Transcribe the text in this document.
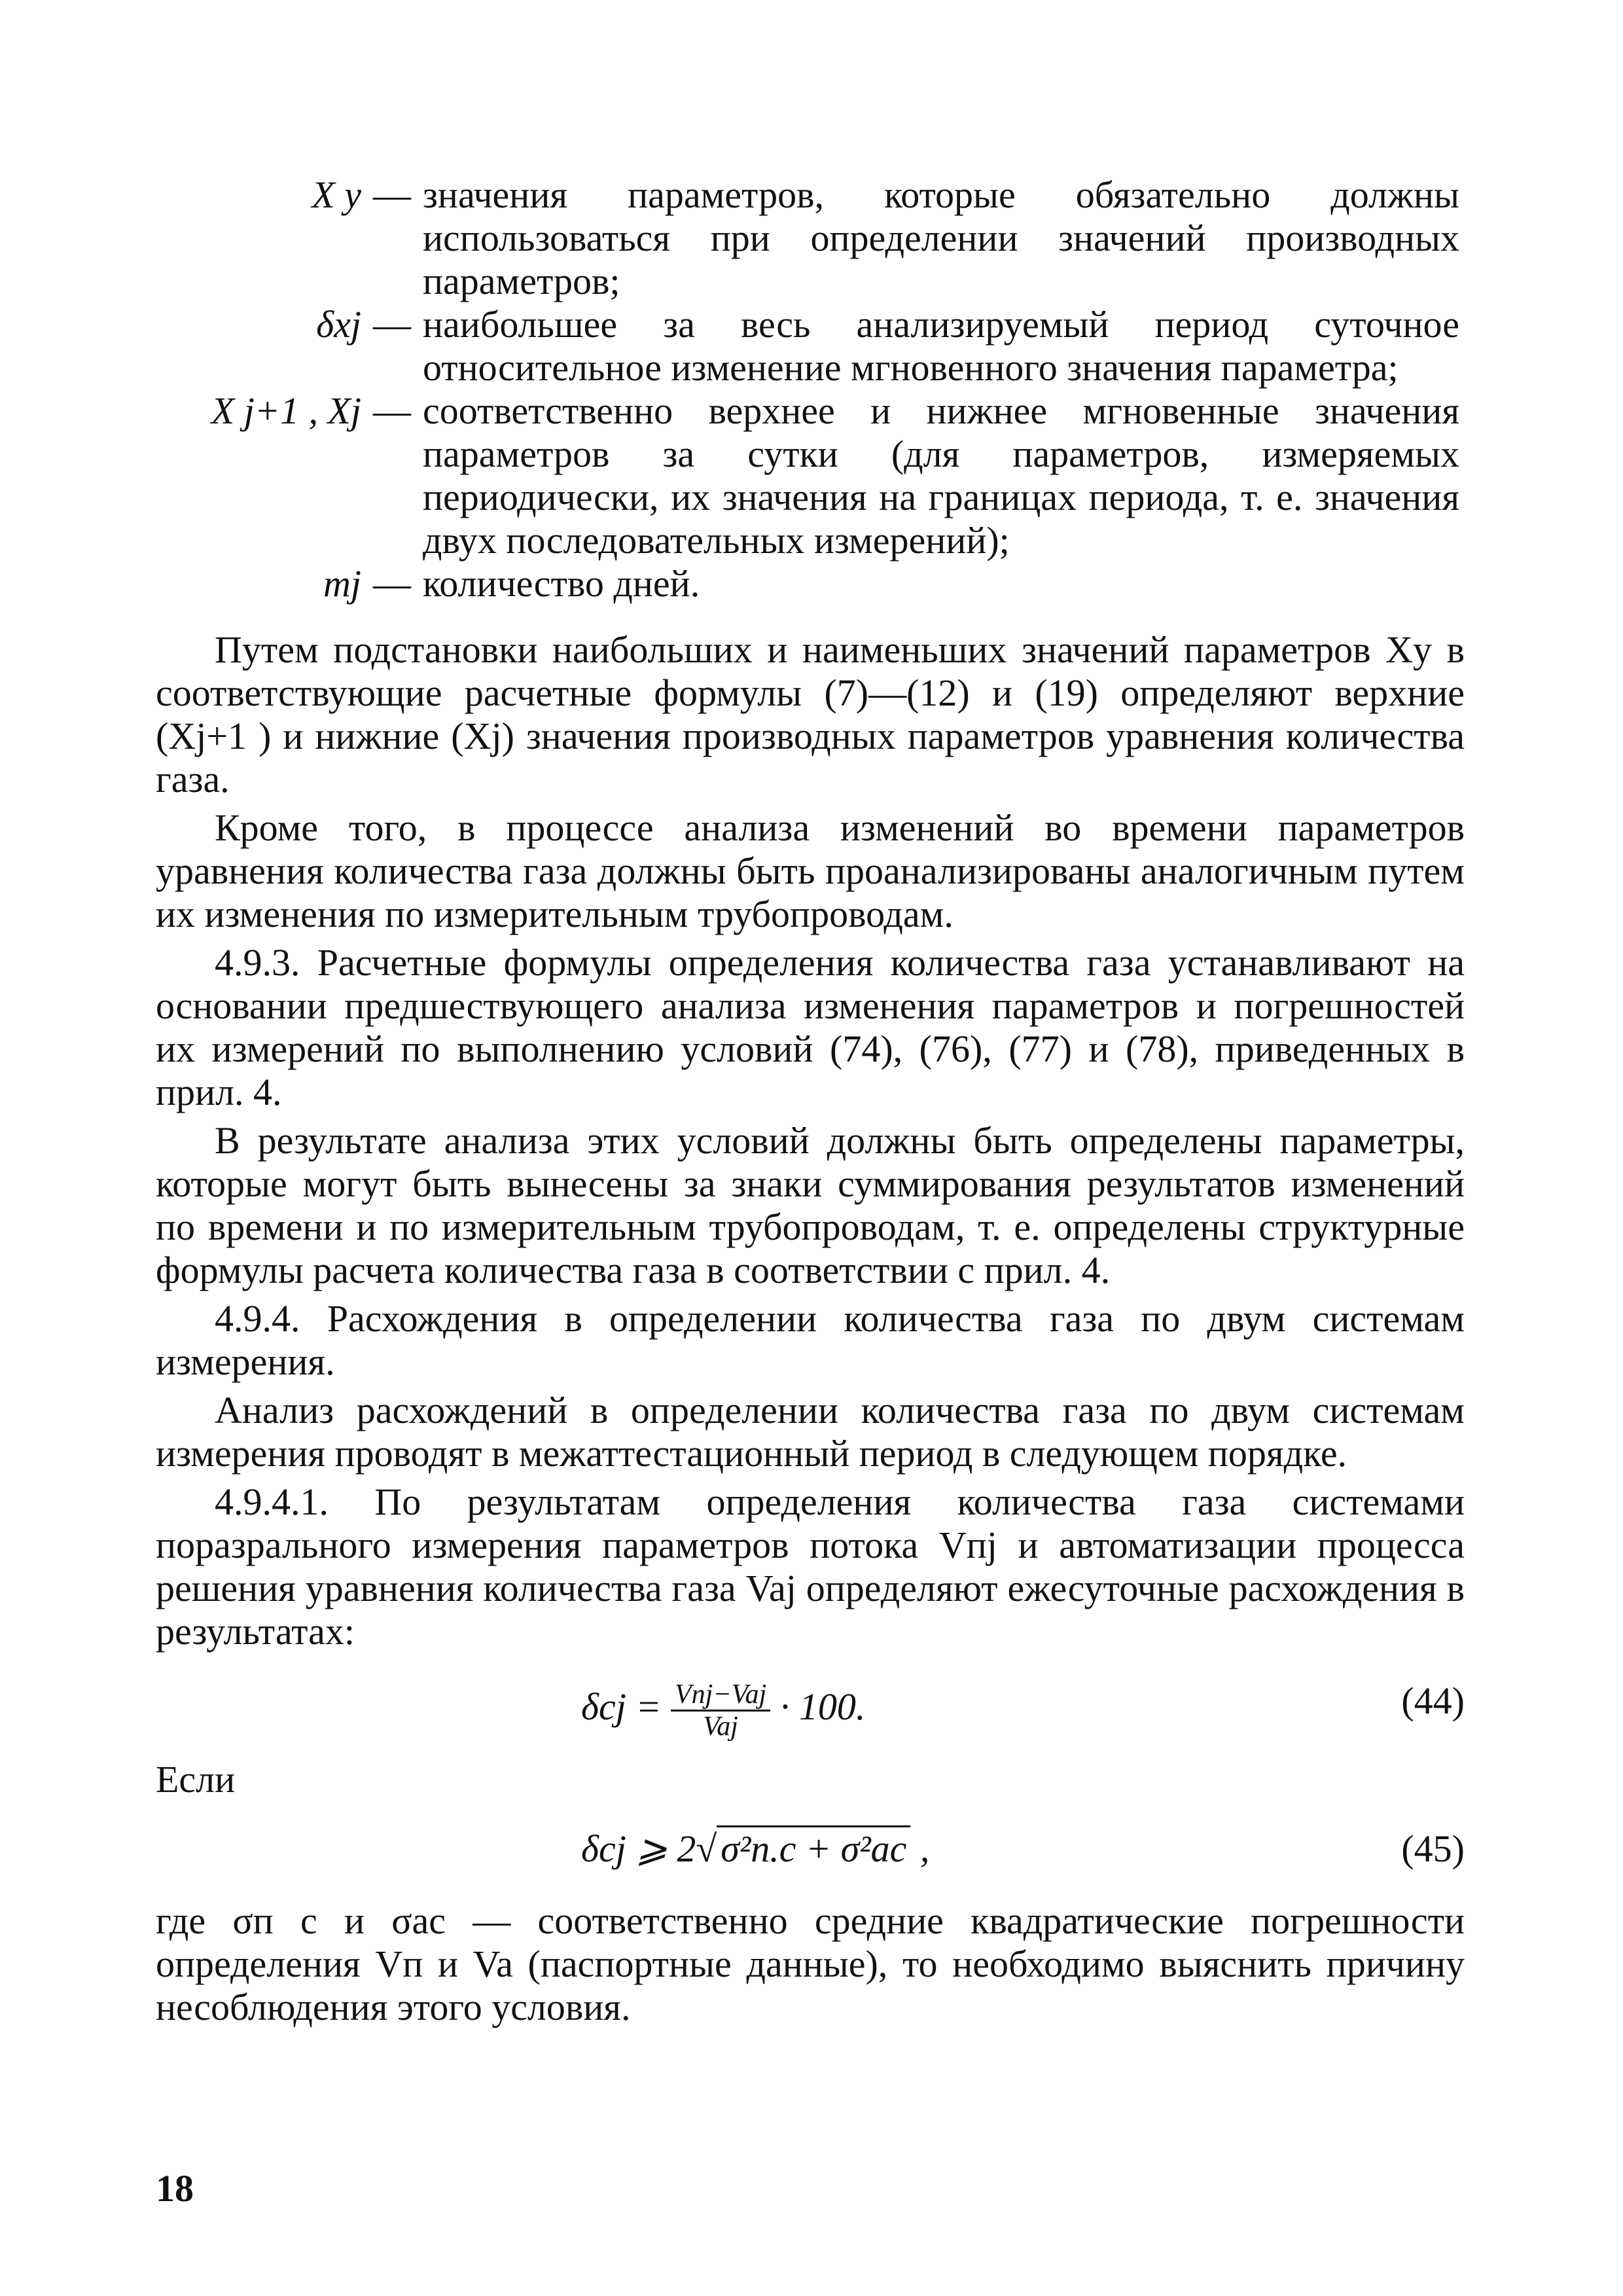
X у — значения параметров, которые обязательно должны использоваться при определении значений производных параметров;
δxj — наибольшее за весь анализируемый период суточное относительное изменение мгновенного значения параметра;
X j+1 , Xj — соответственно верхнее и нижнее мгновенные значения параметров за сутки (для параметров, измеряемых периодически, их значения на границах периода, т. е. значения двух последовательных измерений);
mj — количество дней.

Путем подстановки наибольших и наименьших значений параметров Xу в соответствующие расчетные формулы (7)—(12) и (19) определяют верхние (Xj+1 ) и нижние (Xj) значения производных параметров уравнения количества газа.

Кроме того, в процессе анализа изменений во времени параметров уравнения количества газа должны быть проанализированы аналогичным путем их изменения по измерительным трубопроводам.

4.9.3. Расчетные формулы определения количества газа устанавливают на основании предшествующего анализа изменения параметров и погрешностей их измерений по выполнению условий (74), (76), (77) и (78), приведенных в прил. 4.

В результате анализа этих условий должны быть определены параметры, которые могут быть вынесены за знаки суммирования результатов изменений по времени и по измерительным трубопроводам, т. е. определены структурные формулы расчета количества газа в соответствии с прил. 4.

4.9.4. Расхождения в определении количества газа по двум системам измерения.

Анализ расхождений в определении количества газа по двум системам измерения проводят в межаттестационный период в следующем порядке.

4.9.4.1. По результатам определения количества газа системами поразрального измерения параметров потока Vпj и автоматизации процесса решения уравнения количества газа Vaj определяют ежесуточные расхождения в результатах:

$\delta cj = \frac{\text{Vпj−Vaj}}{\text{Vaj}} \cdot 100$.	(44)

Если

δcj ⩾ 2√ σ²п.с + σ²ac ,	(45)

где σп с и σac — соответственно средние квадратические погрешности определения Vп и Va (паспортные данные), то необходимо выяснить причину несоблюдения этого условия.

18
